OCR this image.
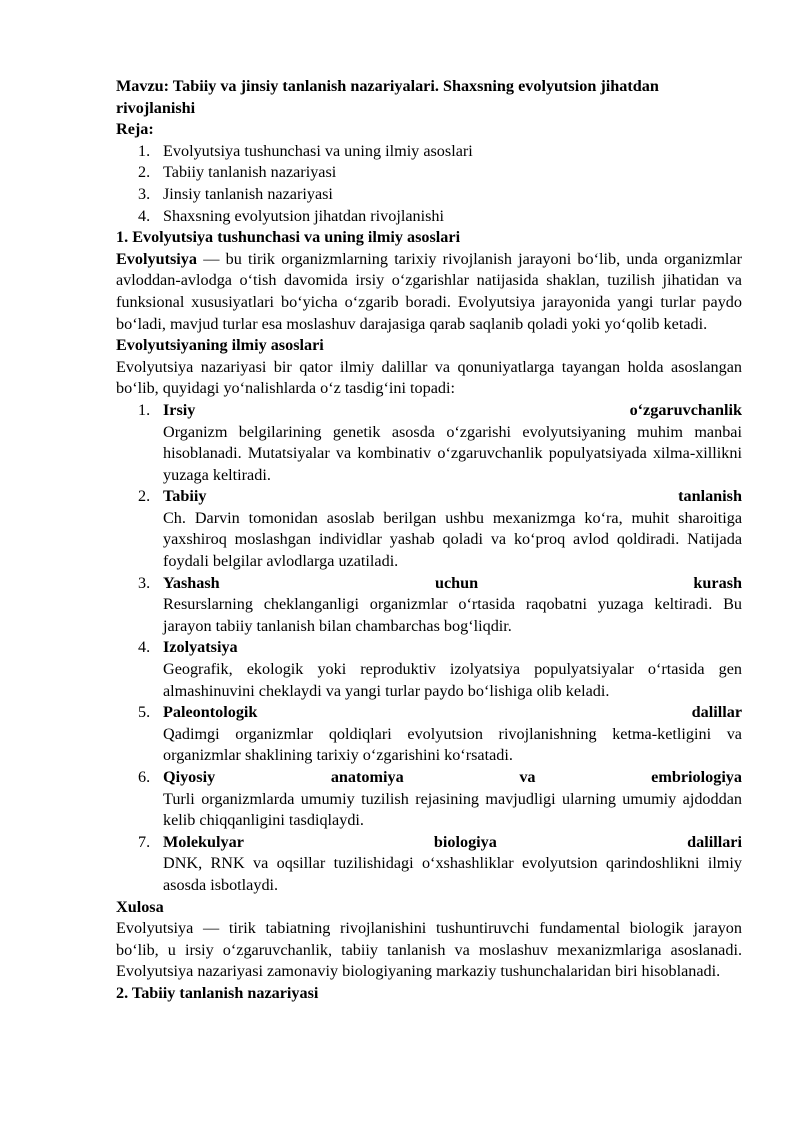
Mavzu: Tabiiy va jinsiy tanlanish nazariyalari. Shaxsning evolyutsion jihatdan rivojlanishi

Reja:

1. Evolyutsiya tushunchasi va uning ilmiy asoslari
2. Tabiiy tanlanish nazariyasi
3. Jinsiy tanlanish nazariyasi
4. Shaxsning evolyutsion jihatdan rivojlanishi

1. Evolyutsiya tushunchasi va uning ilmiy asoslari

Evolyutsiya — bu tirik organizmlarning tarixiy rivojlanish jarayoni bo‘lib, unda organizmlar avloddan-avlodga o‘tish davomida irsiy o‘zgarishlar natijasida shaklan, tuzilish jihatidan va funksional xususiyatlari bo‘yicha o‘zgarib boradi. Evolyutsiya jarayonida yangi turlar paydo bo‘ladi, mavjud turlar esa moslashuv darajasiga qarab saqlanib qoladi yoki yo‘qolib ketadi.

Evolyutsiyaning ilmiy asoslari

Evolyutsiya nazariyasi bir qator ilmiy dalillar va qonuniyatlarga tayangan holda asoslangan bo‘lib, quyidagi yo‘nalishlarda o‘z tasdig‘ini topadi:

1. Irsiy o‘zgaruvchanlik
Organizm belgilarining genetik asosda o‘zgarishi evolyutsiyaning muhim manbai hisoblanadi. Mutatsiyalar va kombinativ o‘zgaruvchanlik populyatsiyada xilma-xillikni yuzaga keltiradi.
2. Tabiiy tanlanish
Ch. Darvin tomonidan asoslab berilgan ushbu mexanizmga ko‘ra, muhit sharoitiga yaxshiroq moslashgan individlar yashab qoladi va ko‘proq avlod qoldiradi. Natijada foydali belgilar avlodlarga uzatiladi.
3. Yashash uchun kurash
Resurslarning cheklanganligi organizmlar o‘rtasida raqobatni yuzaga keltiradi. Bu jarayon tabiiy tanlanish bilan chambarchas bog‘liqdir.
4. Izolyatsiya
Geografik, ekologik yoki reproduktiv izolyatsiya populyatsiyalar o‘rtasida gen almashinuvini cheklaydi va yangi turlar paydo bo‘lishiga olib keladi.
5. Paleontologik dalillar
Qadimgi organizmlar qoldiqlari evolyutsion rivojlanishning ketma-ketligini va organizmlar shaklining tarixiy o‘zgarishini ko‘rsatadi.
6. Qiyosiy anatomiya va embriologiya
Turli organizmlarda umumiy tuzilish rejasining mavjudligi ularning umumiy ajdoddan kelib chiqqanligini tasdiqlaydi.
7. Molekulyar biologiya dalillari
DNK, RNK va oqsillar tuzilishidagi o‘xshashliklar evolyutsion qarindoshlikni ilmiy asosda isbotlaydi.

Xulosa

Evolyutsiya — tirik tabiatning rivojlanishini tushuntiruvchi fundamental biologik jarayon bo‘lib, u irsiy o‘zgaruvchanlik, tabiiy tanlanish va moslashuv mexanizmlariga asoslanadi. Evolyutsiya nazariyasi zamonaviy biologiyaning markaziy tushunchalaridan biri hisoblanadi.

2. Tabiiy tanlanish nazariyasi
